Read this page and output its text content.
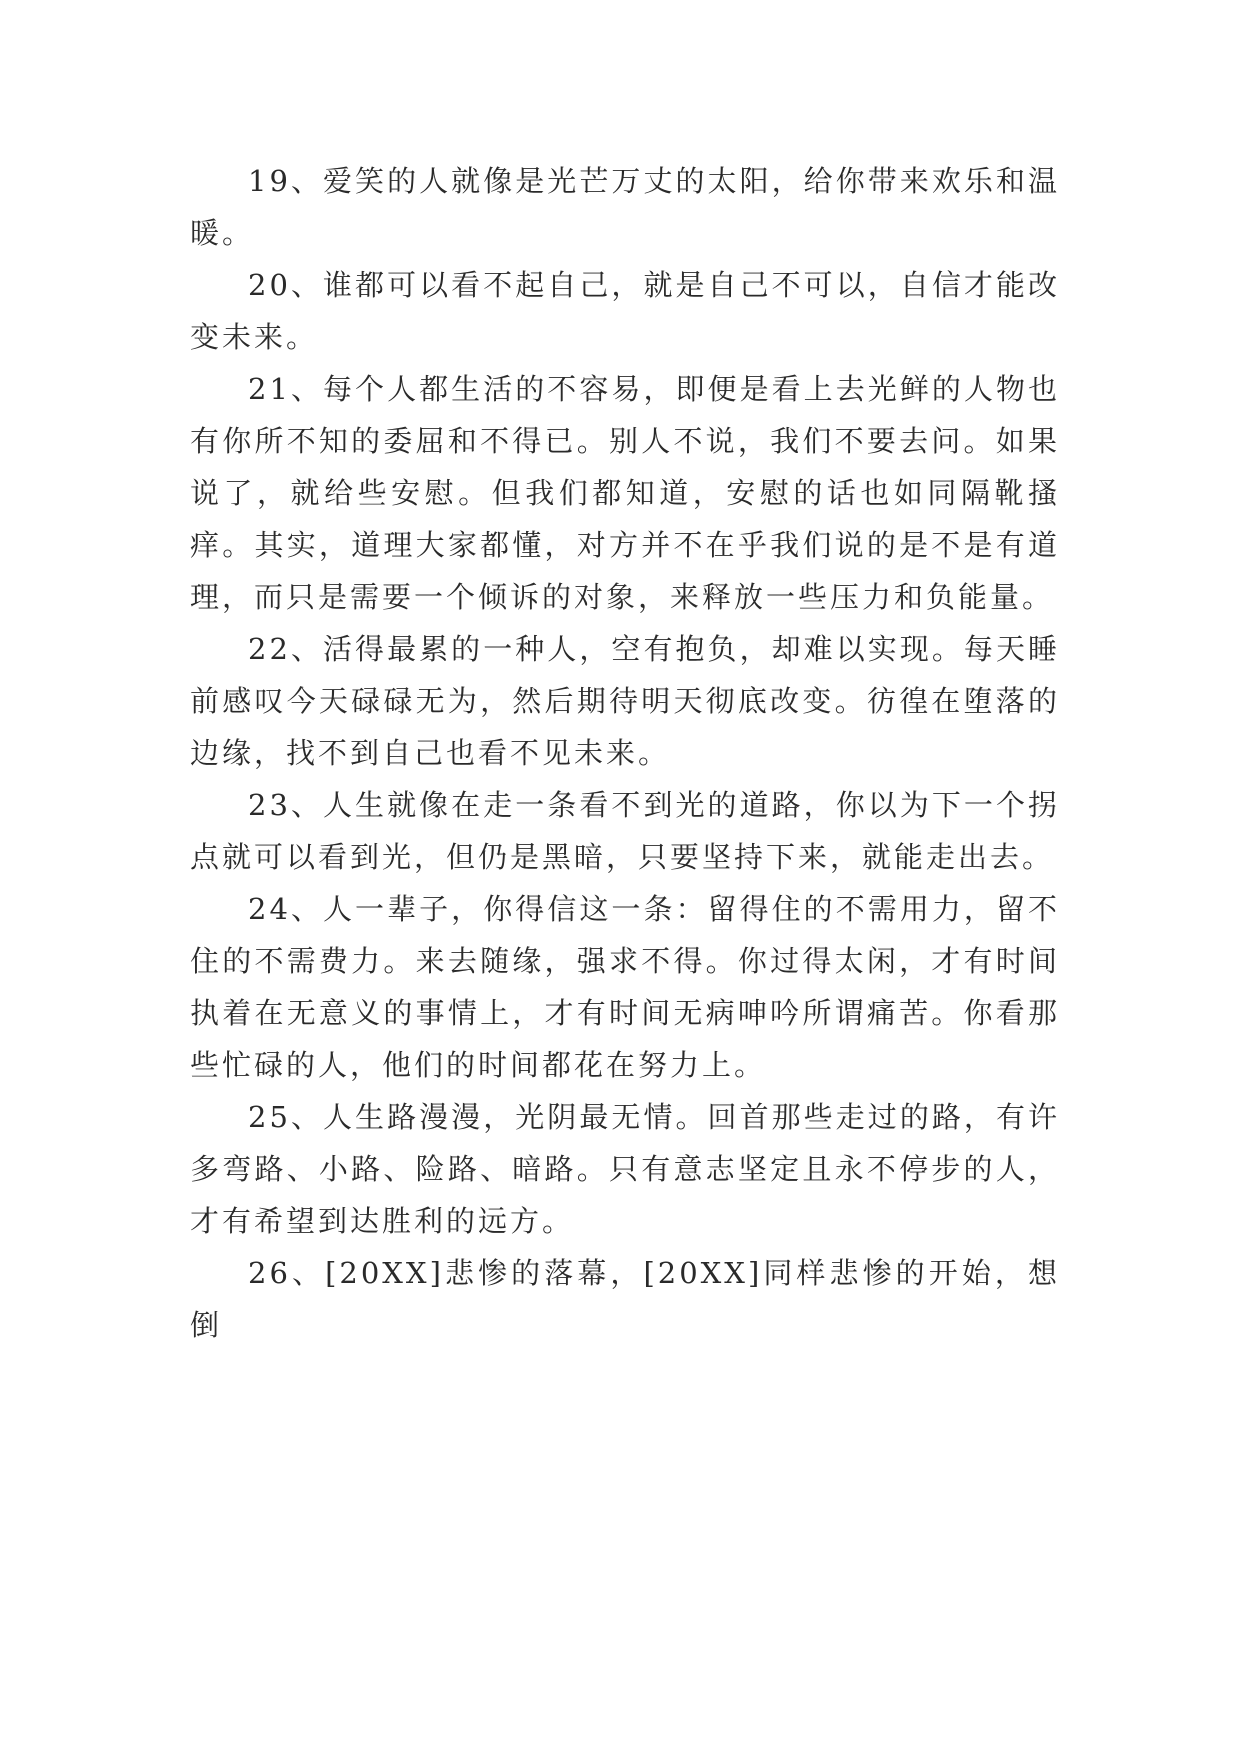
19、爱笑的人就像是光芒万丈的太阳，给你带来欢乐和温暖。

20、谁都可以看不起自己，就是自己不可以，自信才能改变未来。

21、每个人都生活的不容易，即便是看上去光鲜的人物也有你所不知的委屈和不得已。别人不说，我们不要去问。如果说了，就给些安慰。但我们都知道，安慰的话也如同隔靴搔痒。其实，道理大家都懂，对方并不在乎我们说的是不是有道理，而只是需要一个倾诉的对象，来释放一些压力和负能量。

22、活得最累的一种人，空有抱负，却难以实现。每天睡前感叹今天碌碌无为，然后期待明天彻底改变。彷徨在堕落的边缘，找不到自己也看不见未来。

23、人生就像在走一条看不到光的道路，你以为下一个拐点就可以看到光，但仍是黑暗，只要坚持下来，就能走出去。

24、人一辈子，你得信这一条：留得住的不需用力，留不住的不需费力。来去随缘，强求不得。你过得太闲，才有时间执着在无意义的事情上，才有时间无病呻吟所谓痛苦。你看那些忙碌的人，他们的时间都花在努力上。

25、人生路漫漫，光阴最无情。回首那些走过的路，有许多弯路、小路、险路、暗路。只有意志坚定且永不停步的人，才有希望到达胜利的远方。

26、[20XX]悲惨的落幕，[20XX]同样悲惨的开始，想倒
